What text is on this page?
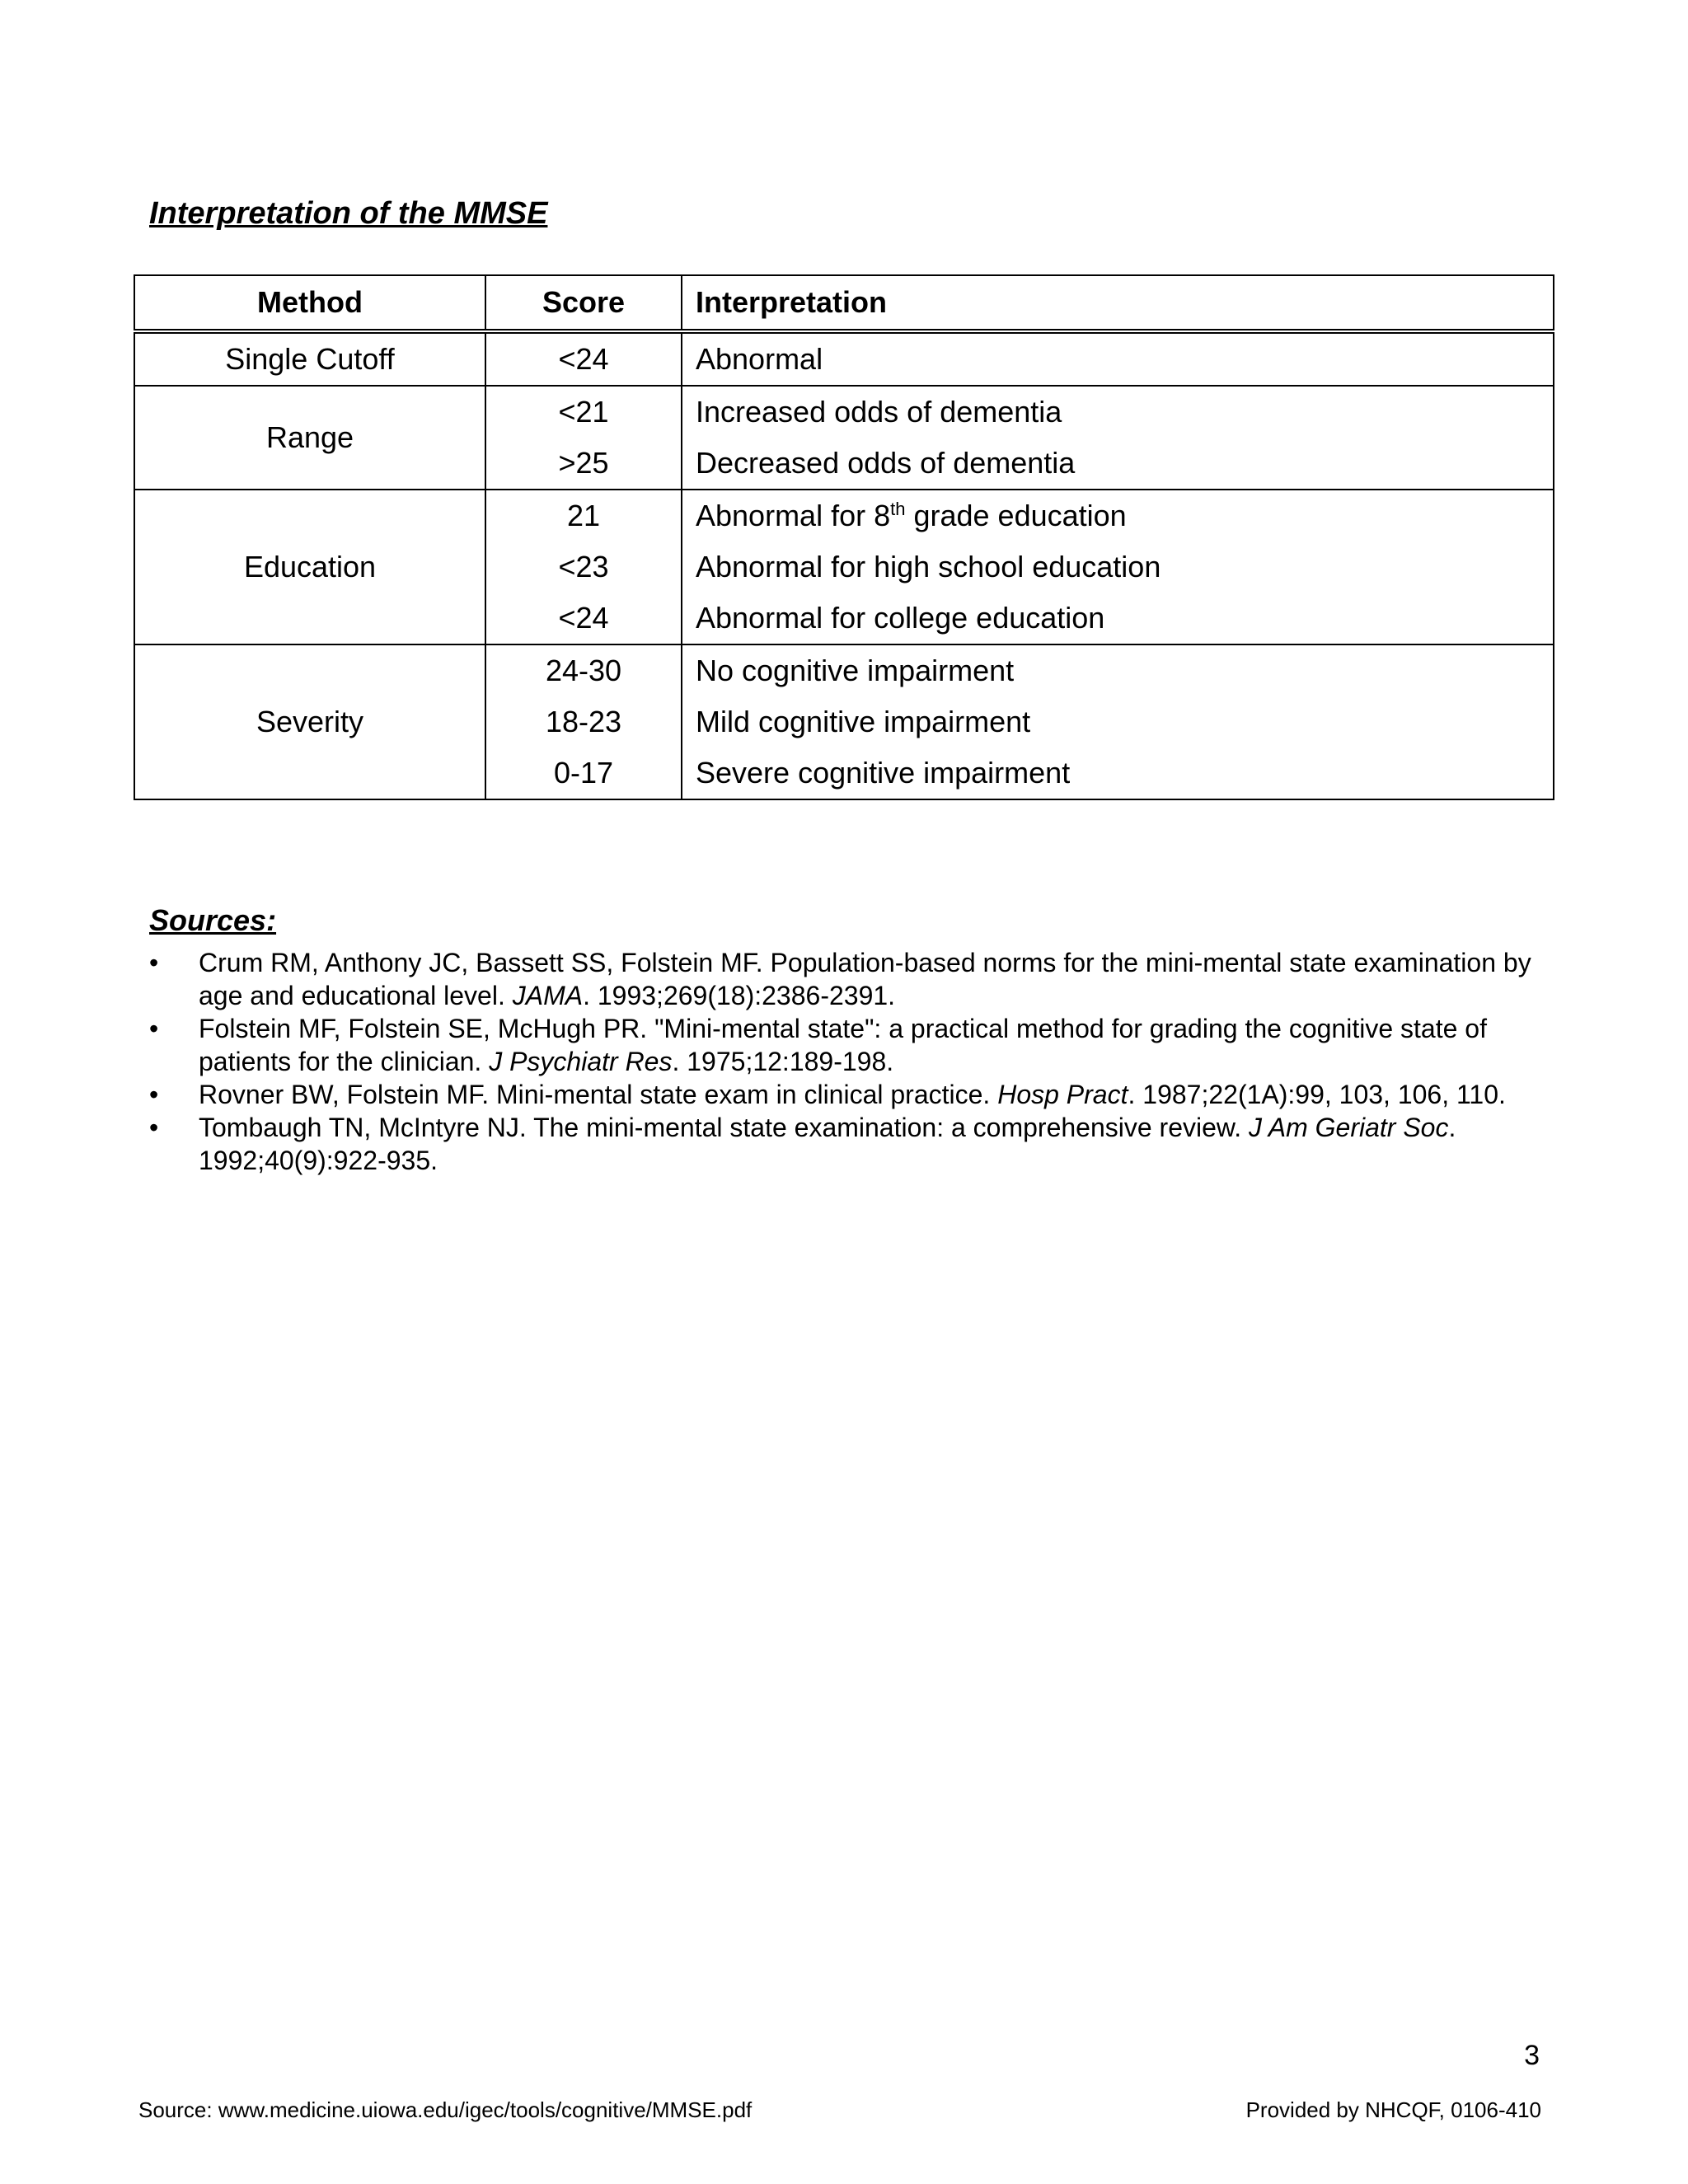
Interpretation of the MMSE
Method	Score	Interpretation
Single Cutoff	<24	Abnormal
Range	<21	Increased odds of dementia
	>25	Decreased odds of dementia
Education	21	Abnormal for 8th grade education
	<23	Abnormal for high school education
	<24	Abnormal for college education
Severity	24-30	No cognitive impairment
	18-23	Mild cognitive impairment
	0-17	Severe cognitive impairment
Sources:
• Crum RM, Anthony JC, Bassett SS, Folstein MF. Population-based norms for the mini-mental state examination by age and educational level. JAMA. 1993;269(18):2386-2391.
• Folstein MF, Folstein SE, McHugh PR. "Mini-mental state": a practical method for grading the cognitive state of patients for the clinician. J Psychiatr Res. 1975;12:189-198.
• Rovner BW, Folstein MF. Mini-mental state exam in clinical practice. Hosp Pract. 1987;22(1A):99, 103, 106, 110.
• Tombaugh TN, McIntyre NJ. The mini-mental state examination: a comprehensive review. J Am Geriatr Soc. 1992;40(9):922-935.
3
Source: www.medicine.uiowa.edu/igec/tools/cognitive/MMSE.pdf	Provided by NHCQF, 0106-410
